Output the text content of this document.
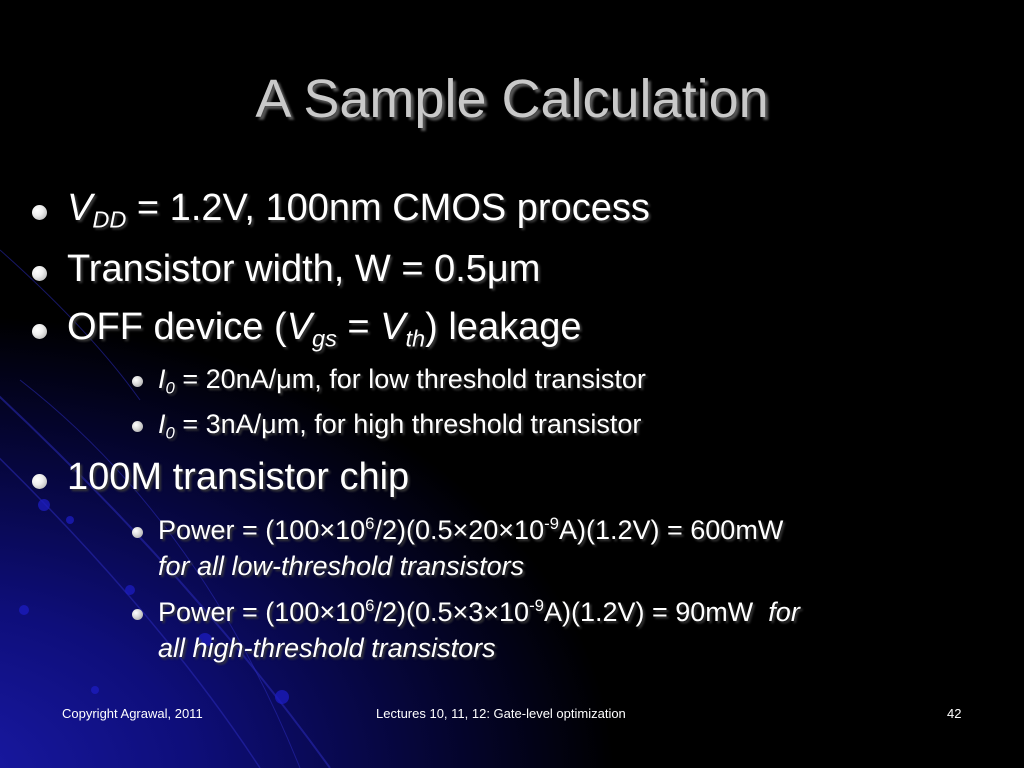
A Sample Calculation
$V_{DD} = 1.2V$, 100nm CMOS process
Transistor width, W = 0.5μm
OFF device $(V_{gs} = V_{th})$ leakage
$I_0 = 20nA/\mu m$, for low threshold transistor
$I_0 = 3nA/\mu m$, for high threshold transistor
100M transistor chip
Power = $(100\times 10^6/2)(0.5\times 20\times 10^{-9}A)(1.2V) = 600mW$
for all low-threshold transistors
Power = $(100\times 10^6/2)(0.5\times 3\times 10^{-9}A)(1.2V) = 90mW$ for
all high-threshold transistors
Copyright Agrawal, 2011	Lectures 10, 11, 12: Gate-level optimization	42
